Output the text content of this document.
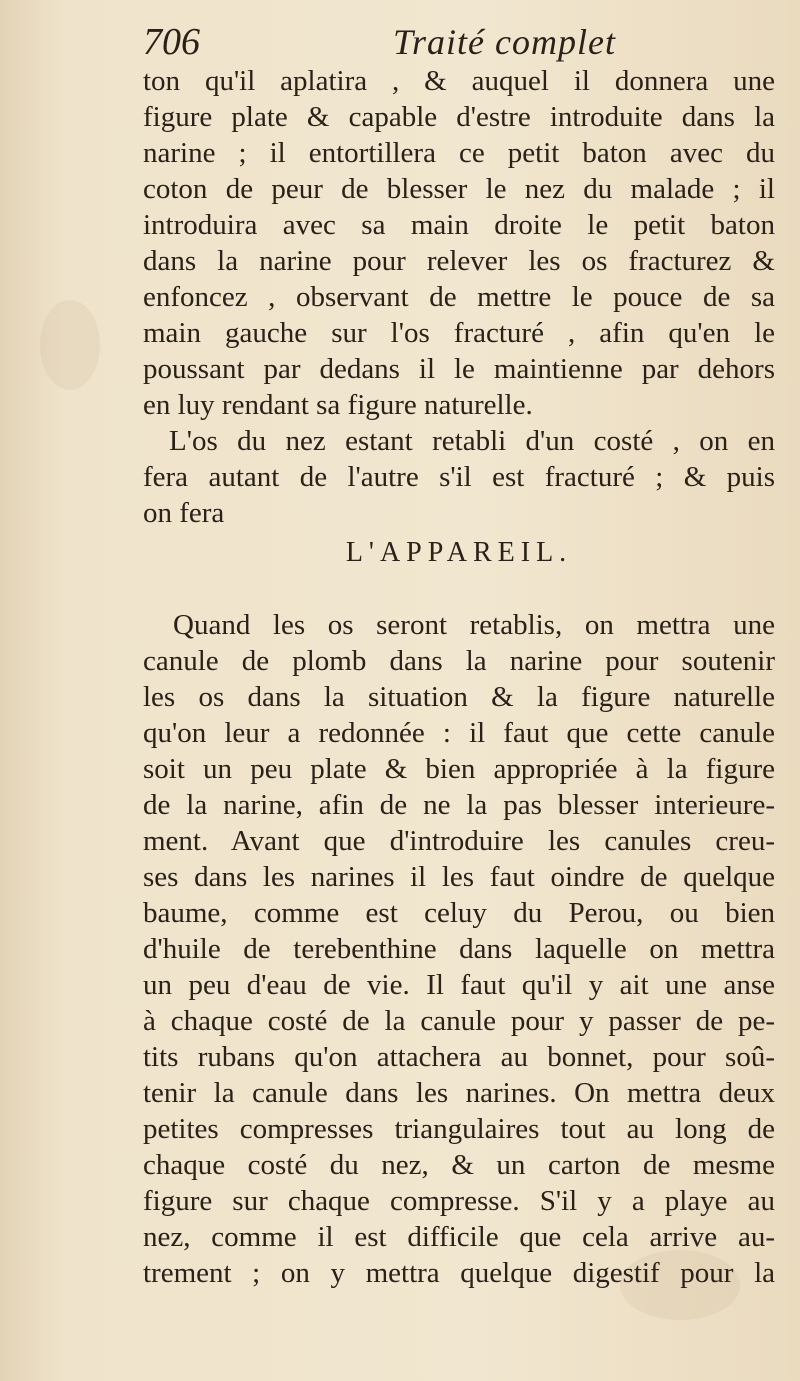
706	Traité complet
ton qu'il aplatira , & auquel il donnera une
figure plate & capable d'estre introduite dans la
narine ; il entortillera ce petit baton avec du
coton de peur de blesser le nez du malade ; il
introduira avec sa main droite le petit baton
dans la narine pour relever les os fracturez &
enfoncez , observant de mettre le pouce de sa
main gauche sur l'os fracturé , afin qu'en le
poussant par dedans il le maintienne par dehors
en luy rendant sa figure naturelle.
L'os du nez estant retabli d'un costé , on en
fera autant de l'autre s'il est fracturé ; & puis
on fera
L'APPAREIL.
Quand les os seront retablis, on mettra une
canule de plomb dans la narine pour soutenir
les os dans la situation & la figure naturelle
qu'on leur a redonnée : il faut que cette canule
soit un peu plate & bien appropriée à la figure
de la narine, afin de ne la pas blesser interieure-
ment. Avant que d'introduire les canules creu-
ses dans les narines il les faut oindre de quelque
baume, comme est celuy du Perou, ou bien
d'huile de terebenthine dans laquelle on mettra
un peu d'eau de vie. Il faut qu'il y ait une anse
à chaque costé de la canule pour y passer de pe-
tits rubans qu'on attachera au bonnet, pour soû-
tenir la canule dans les narines. On mettra deux
petites compresses triangulaires tout au long de
chaque costé du nez, & un carton de mesme
figure sur chaque compresse. S'il y a playe au
nez, comme il est difficile que cela arrive au-
trement ; on y mettra quelque digestif pour la
